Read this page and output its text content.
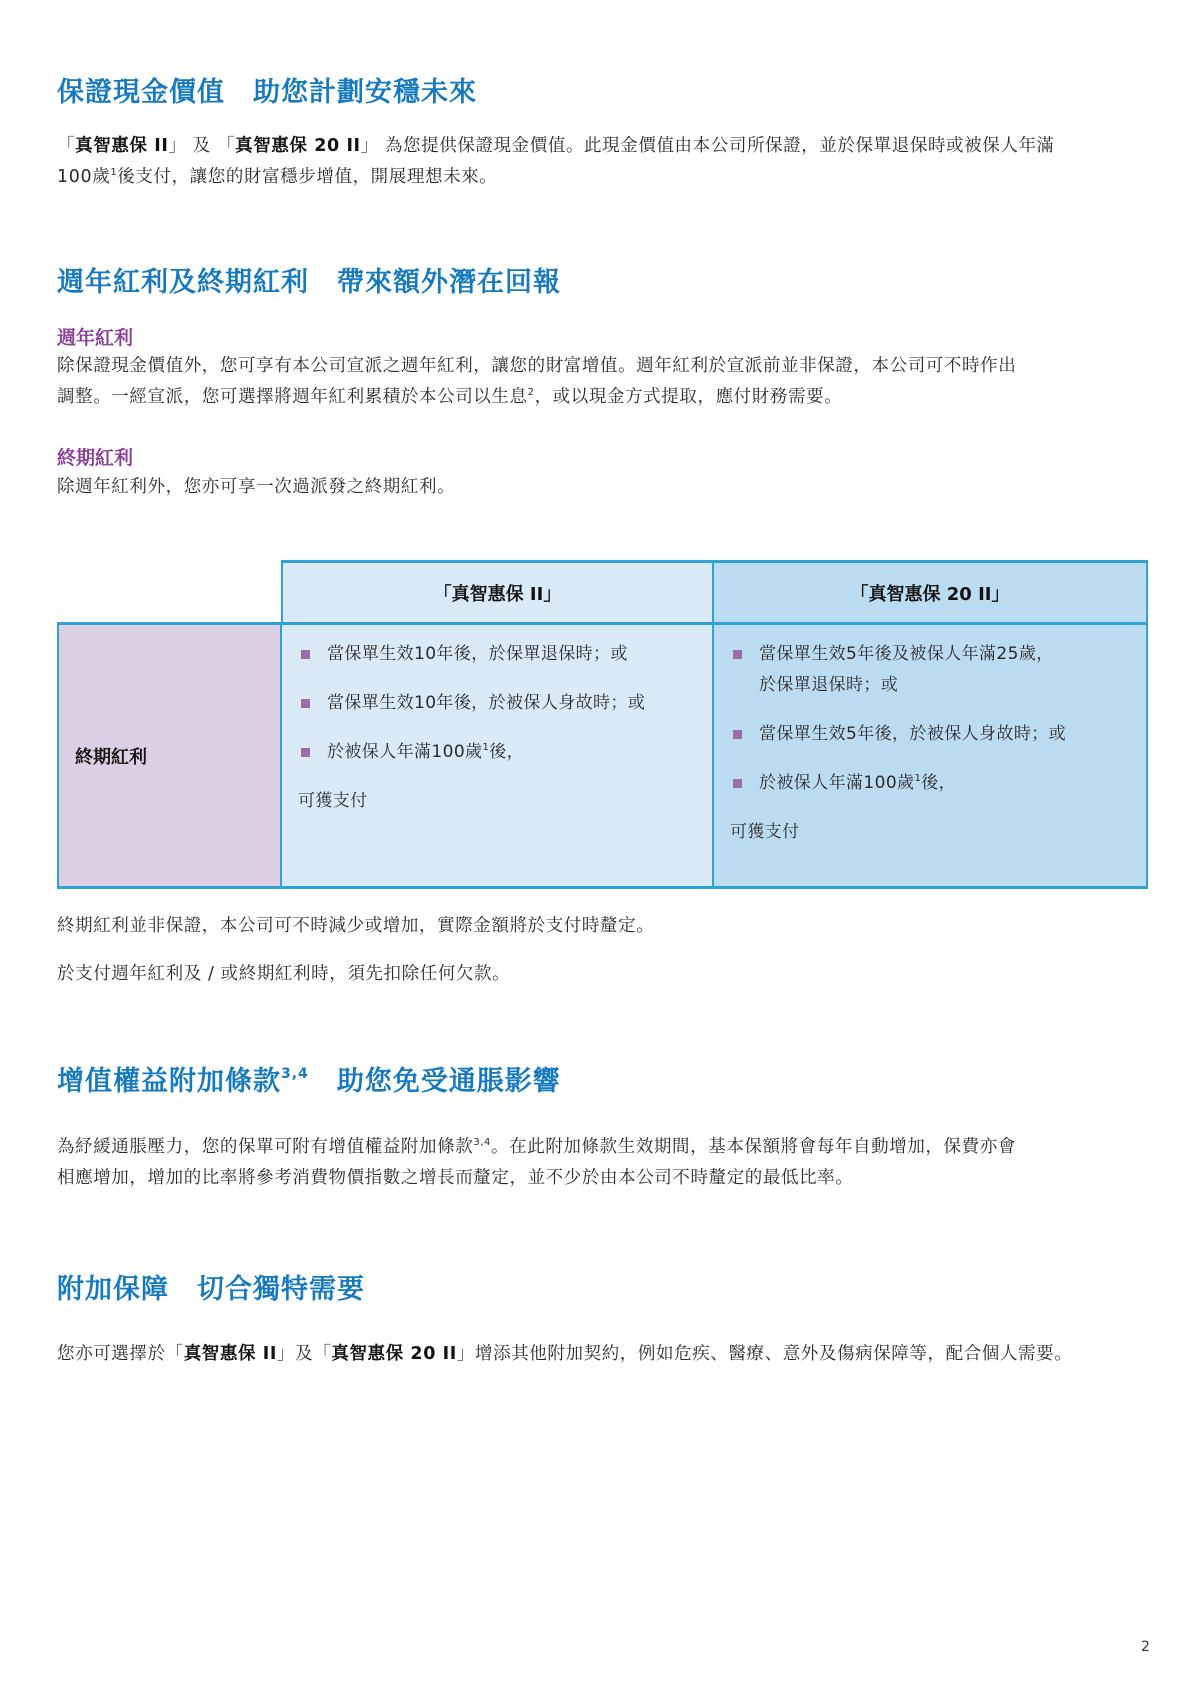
保證現金價值 助您計劃安穩未來
「真智惠保 II」 及 「真智惠保 20 II」 為您提供保證現金價值。此現金價值由本公司所保證，並於保單退保時或被保人年滿
100歲$^1$後支付，讓您的財富穩步增值，開展理想未來。
週年紅利及終期紅利 帶來額外潛在回報
週年紅利
除保證現金價值外，您可享有本公司宣派之週年紅利，讓您的財富增值。週年紅利於宣派前並非保證，本公司可不時作出
調整。一經宣派，您可選擇將週年紅利累積於本公司以生息$^2$，或以現金方式提取，應付財務需要。
終期紅利
除週年紅利外，您亦可享一次過派發之終期紅利。
「真智惠保 II」	「真智惠保 20 II」
終期紅利
當保單生效10年後，於保單退保時；或
當保單生效10年後，於被保人身故時；或
於被保人年滿100歲$^1$後，
可獲支付
當保單生效5年後及被保人年滿25歲，
於保單退保時；或
當保單生效5年後，於被保人身故時；或
於被保人年滿100歲$^1$後，
可獲支付
終期紅利並非保證，本公司可不時減少或增加，實際金額將於支付時釐定。
於支付週年紅利及 / 或終期紅利時，須先扣除任何欠款。
增值權益附加條款$^{3,4}$ 助您免受通脹影響
為紓緩通脹壓力，您的保單可附有增值權益附加條款$^{3,4}$。在此附加條款生效期間，基本保額將會每年自動增加，保費亦會
相應增加，增加的比率將參考消費物價指數之增長而釐定，並不少於由本公司不時釐定的最低比率。
附加保障 切合獨特需要
您亦可選擇於「真智惠保 II」及「真智惠保 20 II」增添其他附加契約，例如危疾、醫療、意外及傷病保障等，配合個人需要。
2
